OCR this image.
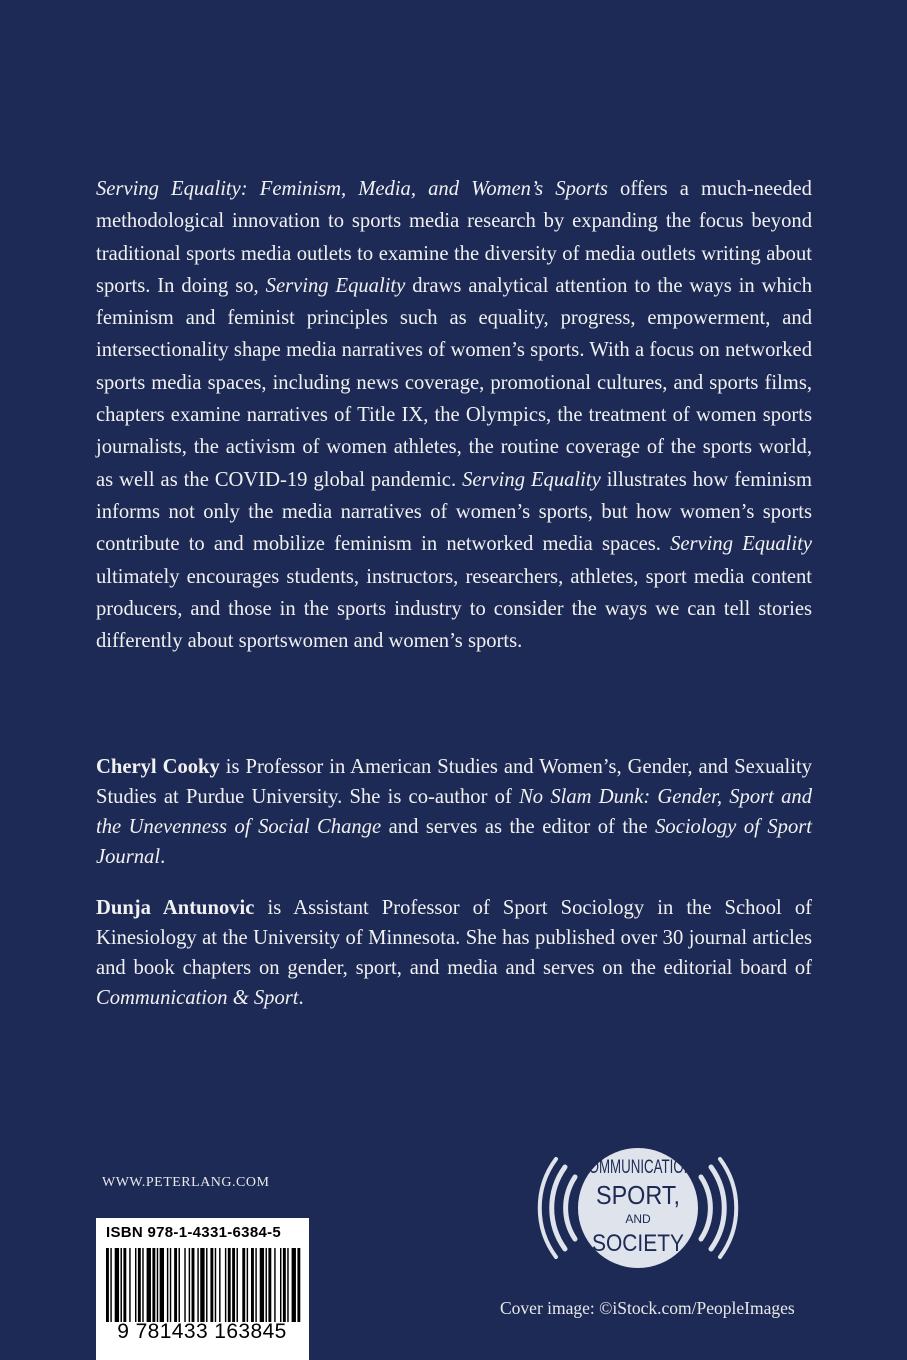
Serving Equality: Feminism, Media, and Women’s Sports offers a much-needed methodological innovation to sports media research by expanding the focus beyond traditional sports media outlets to examine the diversity of media outlets writing about sports. In doing so, Serving Equality draws analytical attention to the ways in which feminism and feminist principles such as equality, progress, empowerment, and intersectionality shape media narratives of women’s sports. With a focus on networked sports media spaces, including news coverage, promotional cultures, and sports films, chapters examine narratives of Title IX, the Olympics, the treatment of women sports journalists, the activism of women athletes, the routine coverage of the sports world, as well as the COVID-19 global pandemic. Serving Equality illustrates how feminism informs not only the media narratives of women’s sports, but how women’s sports contribute to and mobilize feminism in networked media spaces. Serving Equality ultimately encourages students, instructors, researchers, athletes, sport media content producers, and those in the sports industry to consider the ways we can tell stories differently about sportswomen and women’s sports.

Cheryl Cooky is Professor in American Studies and Women’s, Gender, and Sexuality Studies at Purdue University. She is co-author of No Slam Dunk: Gender, Sport and the Unevenness of Social Change and serves as the editor of the Sociology of Sport Journal.

Dunja Antunovic is Assistant Professor of Sport Sociology in the School of Kinesiology at the University of Minnesota. She has published over 30 journal articles and book chapters on gender, sport, and media and serves on the editorial board of Communication & Sport.

WWW.PETERLANG.COM
ISBN 978-1-4331-6384-5
9 781433 163845
COMMUNICATION,
SPORT,
AND
SOCIETY
Cover image: ©iStock.com/PeopleImages
